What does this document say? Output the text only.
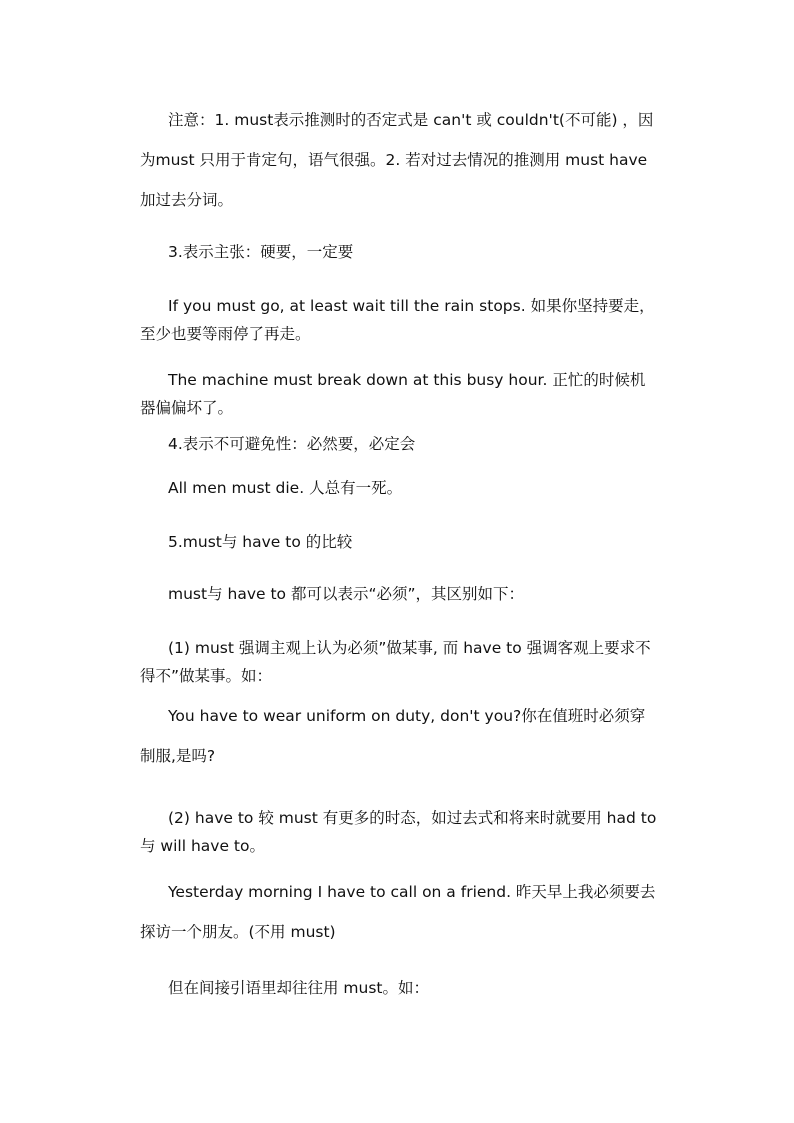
注意：1. must表示推测时的否定式是 can't 或 couldn't(不可能) ，因为must 只用于肯定句，语气很强。2. 若对过去情况的推测用 must have加过去分词。

3.表示主张：硬要，一定要

If you must go, at least wait till the rain stops. 如果你坚持要走，至少也要等雨停了再走。

The machine must break down at this busy hour. 正忙的时候机器偏偏坏了。

4.表示不可避免性：必然要，必定会

All men must die. 人总有一死。

5.must与 have to 的比较

must与 have to 都可以表示“必须”，其区别如下：

(1) must 强调主观上认为必须”做某事, 而 have to 强调客观上要求不得不”做某事。如：

You have to wear uniform on duty, don't you?你在值班时必须穿制服,是吗?

(2) have to 较 must 有更多的时态，如过去式和将来时就要用 had to与 will have to。

Yesterday morning I have to call on a friend. 昨天早上我必须要去探访一个朋友。(不用 must)

但在间接引语里却往往用 must。如：
